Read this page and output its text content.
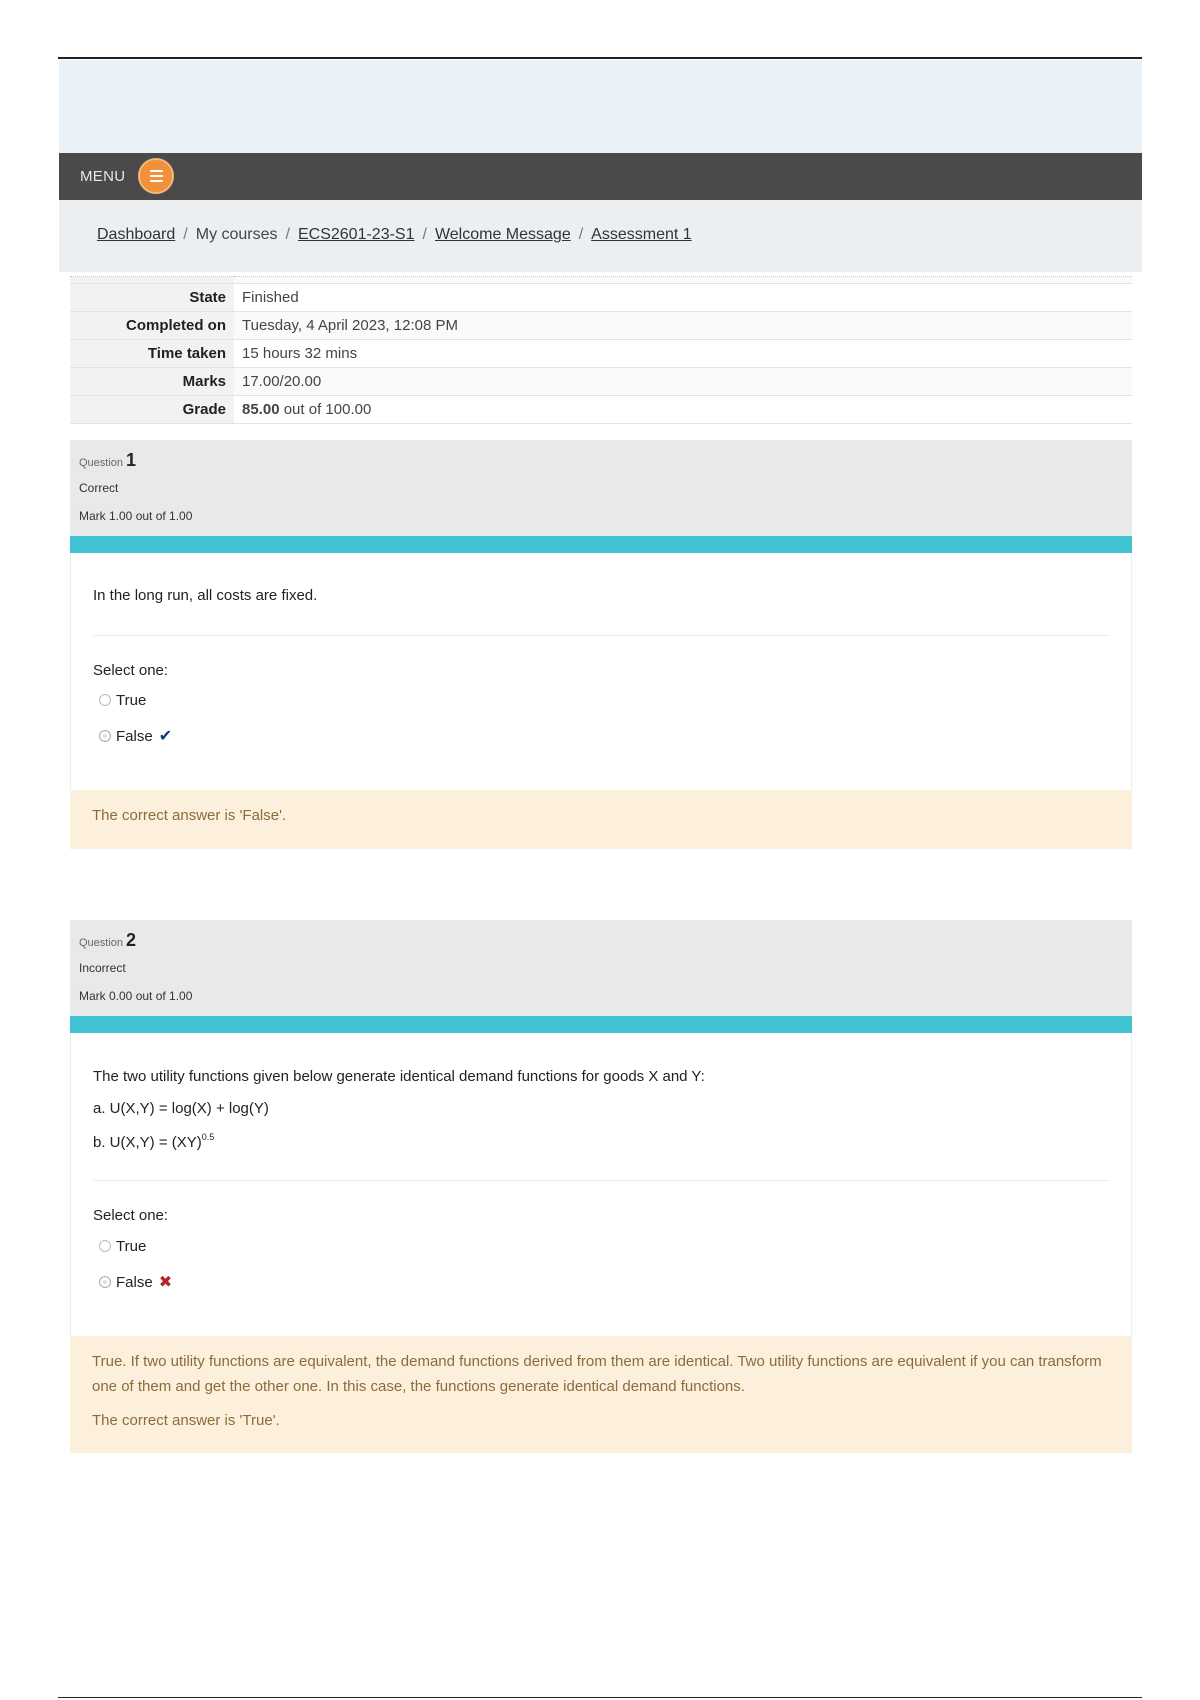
MENU
Dashboard / My courses / ECS2601-23-S1 / Welcome Message / Assessment 1

State	Finished
Completed on	Tuesday, 4 April 2023, 12:08 PM
Time taken	15 hours 32 mins
Marks	17.00/20.00
Grade	85.00 out of 100.00
Question 1
Correct
Mark 1.00 out of 1.00
In the long run, all costs are fixed.
Select one:
True
False ✔

The correct answer is 'False'.

Question 2
Incorrect
Mark 0.00 out of 1.00
The two utility functions given below generate identical demand functions for goods X and Y:
a. U(X,Y) = log(X) + log(Y)
b. U(X,Y) = (XY)$^{0.5}$
Select one:
True
False ✖

True. If two utility functions are equivalent, the demand functions derived from them are identical. Two utility functions are equivalent if you can transform one of them and get the other one. In this case, the functions generate identical demand functions.

The correct answer is 'True'.
